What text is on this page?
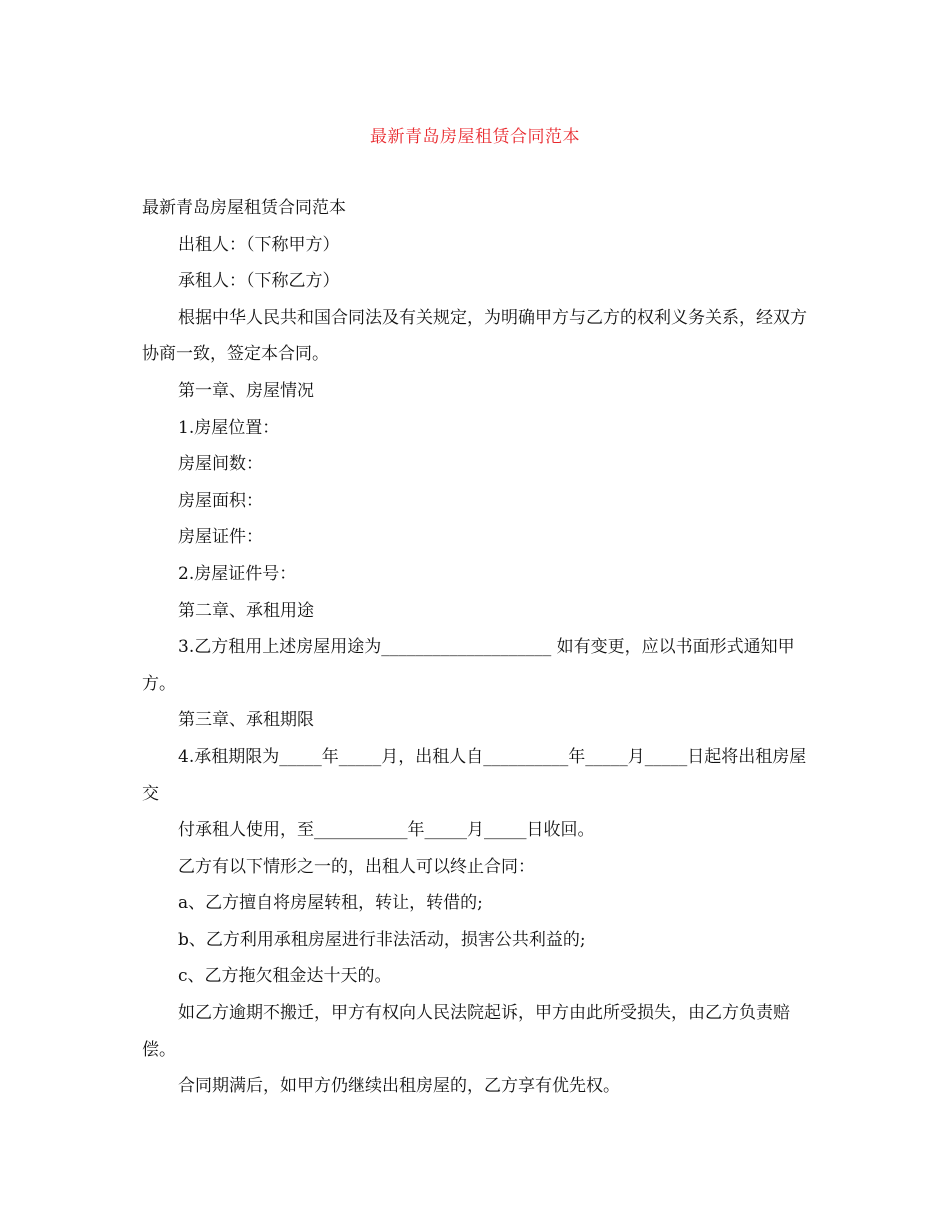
最新青岛房屋租赁合同范本

最新青岛房屋租赁合同范本

出租人：（下称甲方）

承租人：（下称乙方）

根据中华人民共和国合同法及有关规定，为明确甲方与乙方的权利义务关系，经双方协商一致，签定本合同。

第一章、房屋情况

1.房屋位置：

房屋间数：

房屋面积：

房屋证件：

2.房屋证件号：

第二章、承租用途

3.乙方租用上述房屋用途为____________________ 如有变更，应以书面形式通知甲方。

第三章、承租期限

4.承租期限为_____年_____月，出租人自__________年_____月_____日起将出租房屋交

付承租人使用，至___________年_____月_____日收回。

乙方有以下情形之一的，出租人可以终止合同：

a、乙方擅自将房屋转租，转让，转借的;

b、乙方利用承租房屋进行非法活动，损害公共利益的;

c、乙方拖欠租金达十天的。

如乙方逾期不搬迁，甲方有权向人民法院起诉，甲方由此所受损失，由乙方负责赔偿。

合同期满后，如甲方仍继续出租房屋的，乙方享有优先权。
